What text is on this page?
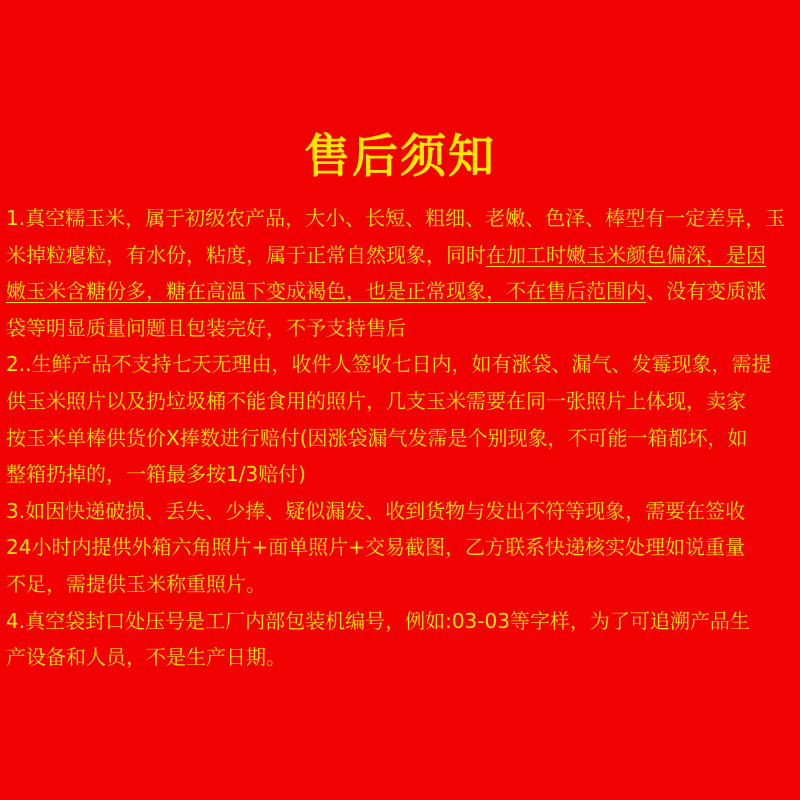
售后须知
1.真空糯玉米，属于初级农产品，大小、长短、粗细、老嫩、色泽、棒型有一定差异，玉
米掉粒瘪粒，有水份，粘度，属于正常自然现象，同时在加工时嫩玉米颜色偏深，是因
嫩玉米含糖份多，糖在高温下变成褐色，也是正常现象，不在售后范围内、没有变质涨
袋等明显质量问题且包装完好，不予支持售后
2..生鲜产品不支持七天无理由，收件人签收七日内，如有涨袋、漏气、发霉现象，需提
供玉米照片以及扔垃圾桶不能食用的照片，几支玉米需要在同一张照片上体现，卖家
按玉米单棒供货价X捧数进行赔付(因涨袋漏气发霈是个别现象，不可能一箱都坏，如
整箱扔掉的，一箱最多按1/3赔付)
3.如因快递破损、丢失、少捧、疑似漏发、收到货物与发出不符等现象，需要在签收
24小时内提供外箱六角照片+面单照片+交易截图，乙方联系快递核实处理如说重量
不足，需提供玉米称重照片。
4.真空袋封口处压号是工厂内部包装机编号，例如:03-03等字样，为了可追溯产品生
产设备和人员，不是生产日期。
